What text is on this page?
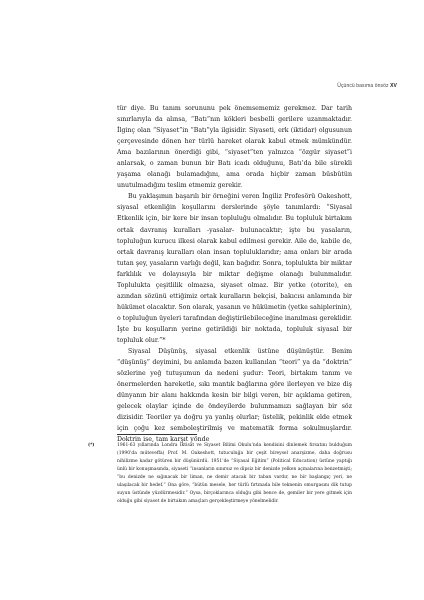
Üçüncü basıma önsöz XV

tür diye. Bu tanım sorununu pek önemsememiz gerekmez. Dar tarih sınırlarıyla da alınsa, “Batı”nın kökleri besbelli gerilere uzanmaktadır. İlginç olan “Siyaset”in “Batı”yla ilgisidir. Siyaseti, erk (iktidar) olgusunun çerçevesinde dönen her türlü hareket olarak kabul etmek mümkündür. Ama bazılarının önerdiği gibi, “siyaset”ten yalnızca “özgür siyaset”i anlarsak, o zaman bunun bir Batı icadı olduğunu, Batı’da bile sürekli yaşama olanağı bulamadığını, ama orada hiçbir zaman büsbütün unutulmadığını teslim etmemiz gerekir.

Bu yaklaşımın başarılı bir örneğini veren İngiliz Profesörü Oakeshott, siyasal etkenliğin koşullarını derslerinde şöyle tanımlardı: “Siyasal Etkenlik için, bir kere bir insan topluluğu olmalıdır. Bu topluluk birtakım ortak davranış kuralları -yasalar- bulunacaktır; işte bu yasaların, topluluğun kurucu ilkesi olarak kabul edilmesi gerekir. Aile de, kabile de, ortak davranış kuralları olan insan topluluklarıdır; ama onları bir arada tutan şey, yasaların varlığı değil, kan bağıdır. Sonra, toplulukta bir miktar farklılık ve dolayısıyla bir miktar değişme olanağı bulunmalıdır. Toplulukta çeşitlilik olmazsa, siyaset olmaz. Bir yetke (otorite), en azından sözünü ettiğimiz ortak kuralların bekçisi, bakıcısı anlamında bir hükümet olacaktır. Son olarak, yasanın ve hükümetin (yetke sahiplerinin), o topluluğun üyeleri tarafından değiştirilebileceğine inanılması gereklidir. İşte bu koşulların yerine getirildiği bir noktada, topluluk siyasal bir topluluk olur.”*

Siyasal Düşünüş, siyasal etkenlik üstüne düşünüştür. Benim “düşünüş” deyimini, bu anlamda bazen kullanılan “teori” ya da “doktrin” sözlerine yeğ tutuşumun da nedeni şudur: Teori, birtakım tanım ve önermelerden hareketle, sıkı mantık bağlarına göre ilerleyen ve bize diş dünyanın bir alanı hakkında kesin bir bilgi veren, bir açıklama getiren, gelecek olaylar içinde de öndeyilerde bulunmamızı sağlayan bir söz dizisidir. Teoriler ya doğru ya yanlış olurlar; üstelik, pekinlik elde etmek için çoğu kez semboleştirilmiş ve matematik forma sokulmuşlardır. Doktrin ise, tam karşıt yönde

(*)	1961-63 yıllarında Londra İktisat ve Siyaset Bilimi Okulu’nda kendisini dinlemek fırsatını bulduğum (1990’da müteveffa) Prof. M. Oakeshott, tutuculuğa bir çeşit bireysel anarşizme, daha doğrusu nihilizme kadar götüren bir düşünürdü. 1951’de “Siyasal Eğitim” (Political Education) üstüne yaptığı ünlü bir konuşmasında, siyaseti “insanların sınırsız ve dipsiz bir denizde yelken açmalarına benzetmişti; “bu denizde ne sığınacak bir liman, ne demir atacak bir taban vardır, ne bir başlangıç yeri, ne ulaşılacak bir hedef.” Ona göre, “bütün mesele, her türlü fırtınada bile teknenin omurgasını dik tutup suyun üstünde yüzdürmesidir.” Oysa, birçoklarınca olduğu gibi bence de, gemiler bir yere gitmek için olduğu gibi siyaset de birtakım amaçları gerçekleştirmeye yönelmelidir.
